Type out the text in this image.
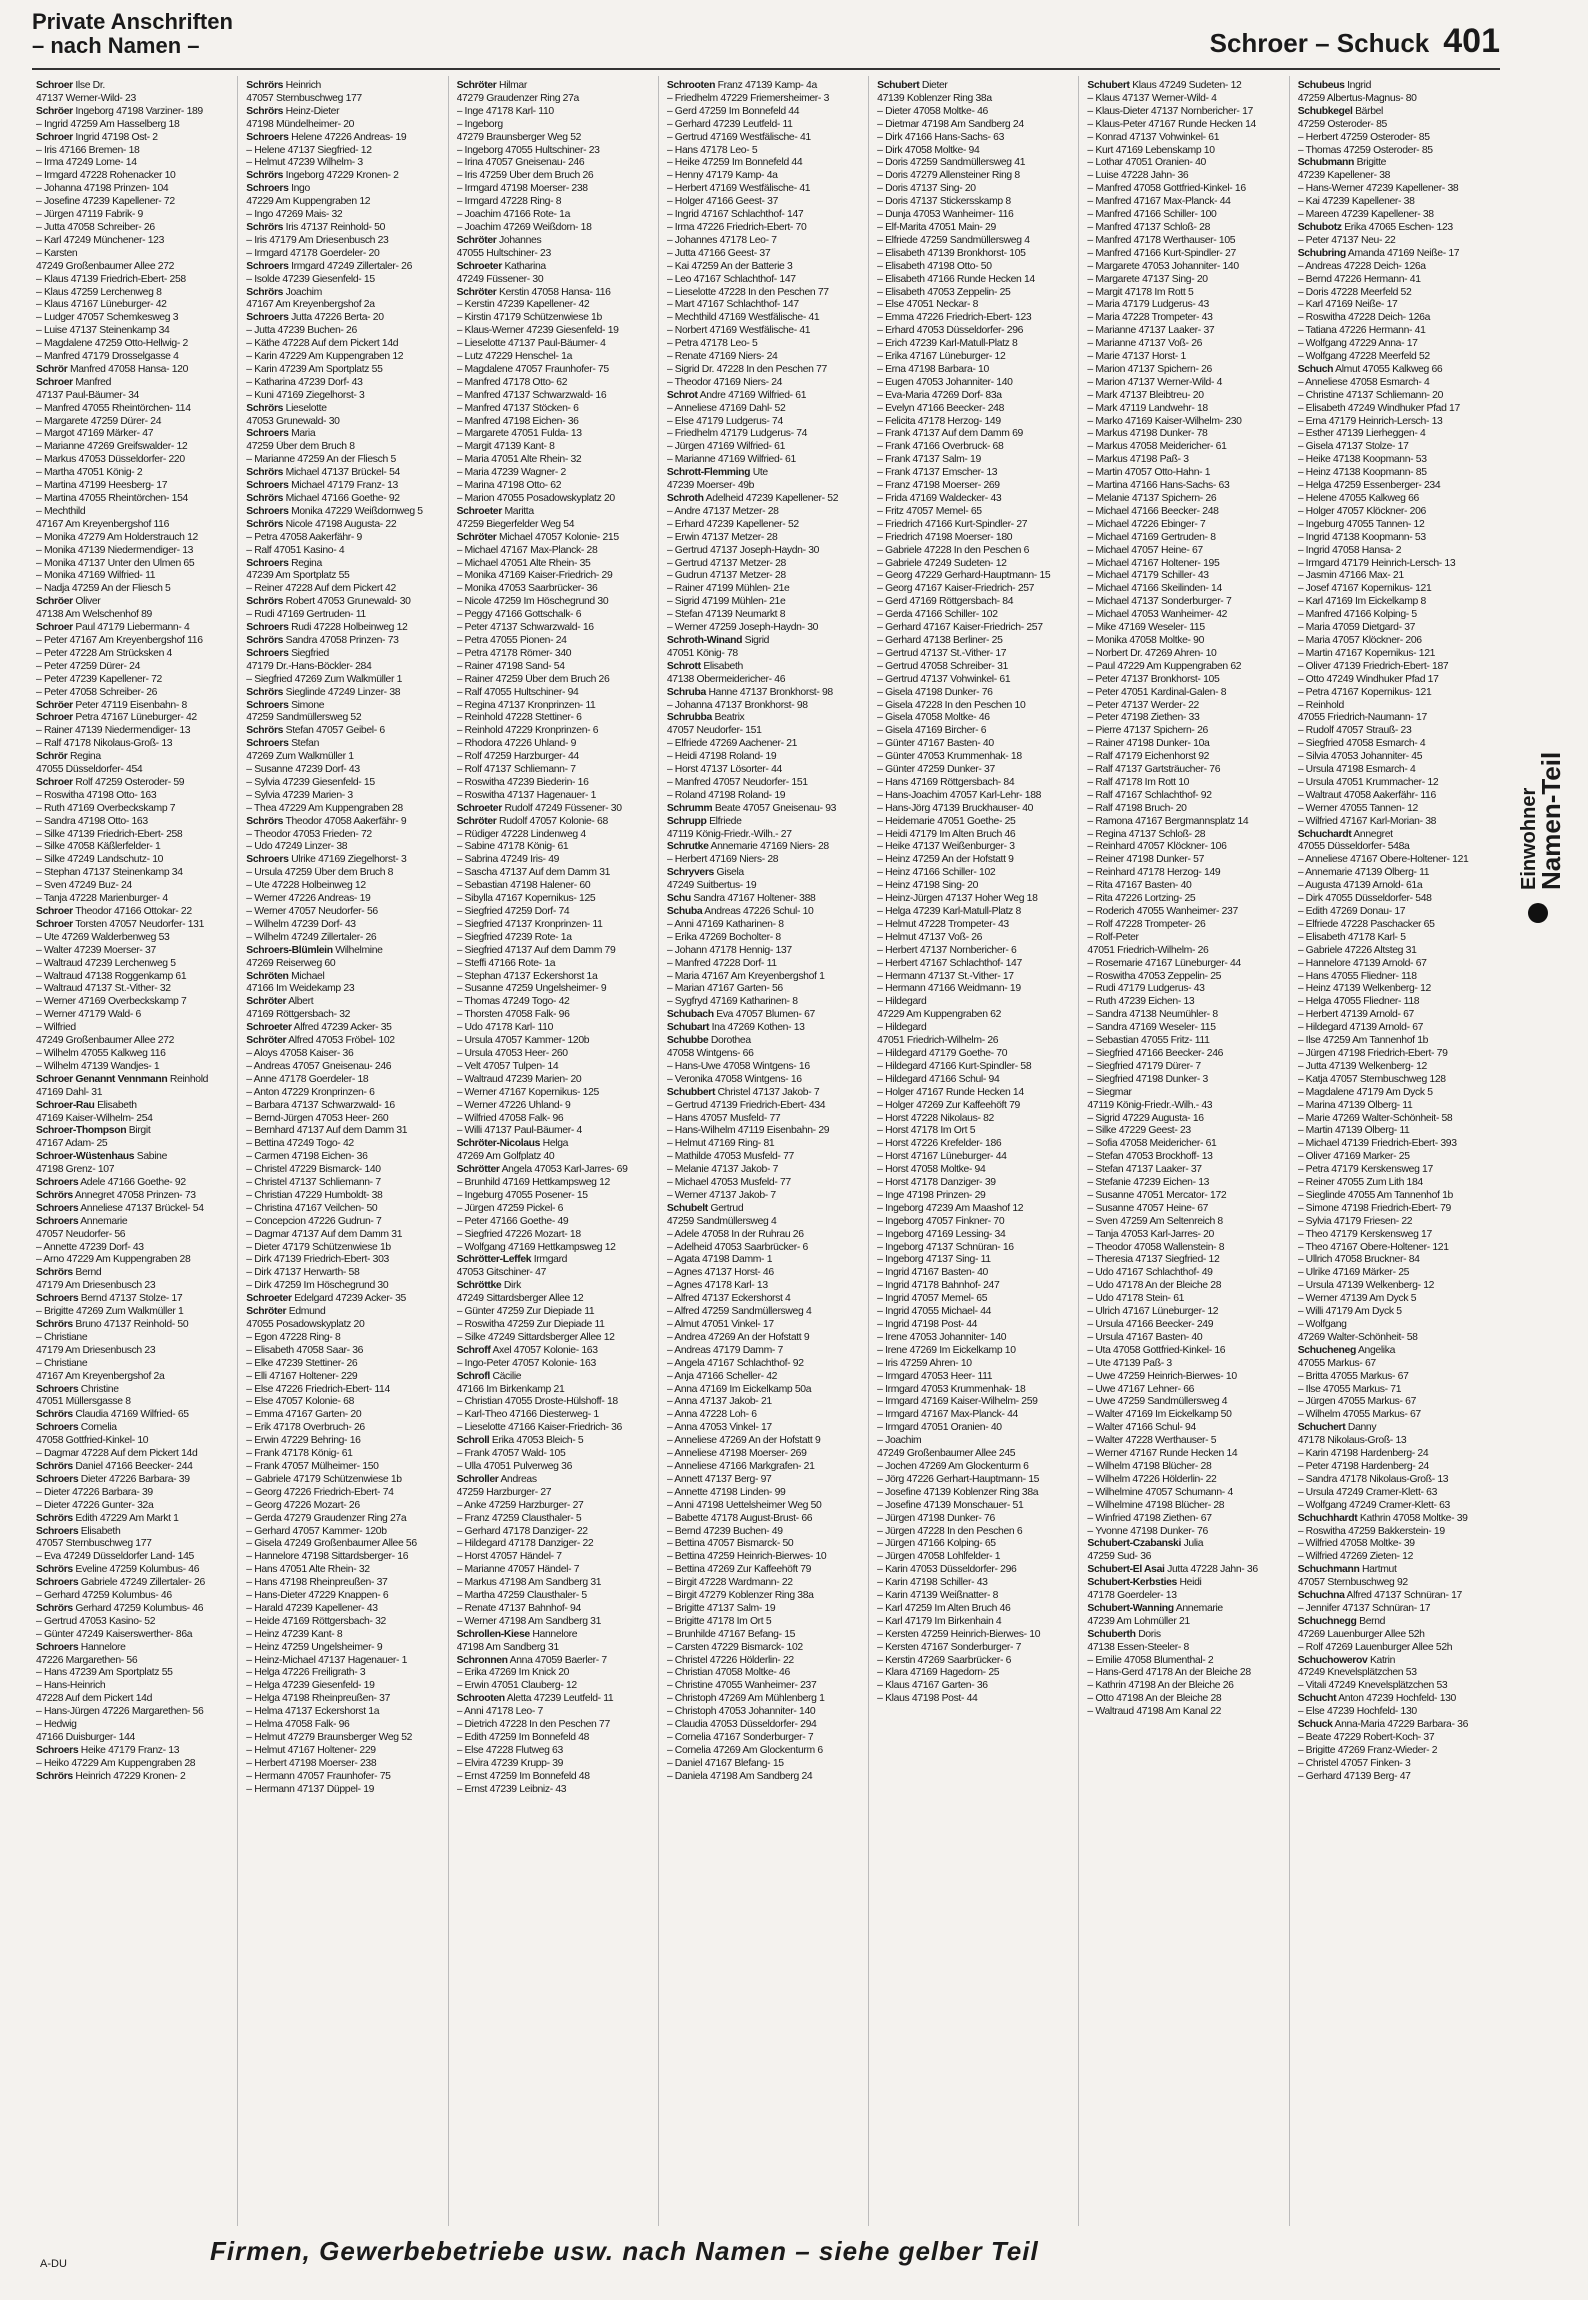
Private Anschriften
– nach Namen –	Schroer – Schuck 401
Schroer Ilse Dr.
47137 Werner-Wild- 23
Schröer Ingeborg 47198 Varziner- 189
– Ingrid 47259 Am Hasselberg 18
Schroer Ingrid 47198 Ost- 2
– Iris 47166 Bremen- 18
– Irma 47249 Lome- 14
– Irmgard 47228 Rohenacker 10
– Johanna 47198 Prinzen- 104
– Josefine 47239 Kapellener- 72
– Jürgen 47119 Fabrik- 9
– Jutta 47058 Schreiber- 26
– Karl 47249 Münchener- 123
– Karsten
47249 Großenbaumer Allee 272
– Klaus 47139 Friedrich-Ebert- 258
– Klaus 47259 Lerchenweg 8
– Klaus 47167 Lüneburger- 42
– Ludger 47057 Schemkesweg 3
– Luise 47137 Steinenkamp 34
– Magdalene 47259 Otto-Hellwig- 2
– Manfred 47179 Drosselgasse 4
Schrör Manfred 47058 Hansa- 120
Schroer Manfred
47137 Paul-Bäumer- 34
– Manfred 47055 Rheintörchen- 114
– Margarete 47259 Dürer- 24
– Margot 47169 Märker- 47
– Marianne 47269 Greifswalder- 12
– Markus 47053 Düsseldorfer- 220
– Martha 47051 König- 2
– Martina 47199 Heesberg- 17
– Martina 47055 Rheintörchen- 154
– Mechthild
47167 Am Kreyenbergshof 116
– Monika 47279 Am Holderstrauch 12
– Monika 47139 Niedermendiger- 13
– Monika 47137 Unter den Ulmen 65
– Monika 47169 Wilfried- 11
– Nadja 47259 An der Fliesch 5
Schröer Oliver
47138 Am Welschenhof 89
Schroer Paul 47179 Liebermann- 4
– Peter 47167 Am Kreyenbergshof 116
– Peter 47228 Am Strücksken 4
– Peter 47259 Dürer- 24
– Peter 47239 Kapellener- 72
– Peter 47058 Schreiber- 26
Schröer Peter 47119 Eisenbahn- 8
Schroer Petra 47167 Lüneburger- 42
– Rainer 47139 Niedermendiger- 13
– Ralf 47178 Nikolaus-Groß- 13
Schrör Regina
47055 Düsseldorfer- 454
Schroer Rolf 47259 Osteroder- 59
– Roswitha 47198 Otto- 163
– Ruth 47169 Overbeckskamp 7
– Sandra 47198 Otto- 163
– Silke 47139 Friedrich-Ebert- 258
– Silke 47058 Käßlerfelder- 1
– Silke 47249 Landschutz- 10
– Stephan 47137 Steinenkamp 34
– Sven 47249 Buz- 24
– Tanja 47228 Marienburger- 4
Schroer Theodor 47166 Ottokar- 22
Schroer Torsten 47057 Neudorfer- 131
– Ute 47269 Walderbenweg 53
– Walter 47239 Moerser- 37
– Waltraud 47239 Lerchenweg 5
– Waltraud 47138 Roggenkamp 61
– Waltraud 47137 St.-Vither- 32
– Werner 47169 Overbeckskamp 7
– Werner 47179 Wald- 6
– Wilfried
47249 Großenbaumer Allee 272
– Wilhelm 47055 Kalkweg 116
– Wilhelm 47139 Wandjes- 1
Schroer Genannt Vennmann Reinhold
47169 Dahl- 31
Schroer-Rau Elisabeth
47169 Kaiser-Wilhelm- 254
Schroer-Thompson Birgit
47167 Adam- 25
Schroer-Wüstenhaus Sabine
47198 Grenz- 107
Schroers Adele 47166 Goethe- 92
Schrörs Annegret 47058 Prinzen- 73
Schroers Anneliese 47137 Brückel- 54
Schroers Annemarie
47057 Neudorfer- 56
– Annette 47239 Dorf- 43
– Arno 47229 Am Kuppengraben 28
Schrörs Bernd
47179 Am Driesenbusch 23
Schroers Bernd 47137 Stolze- 17
– Brigitte 47269 Zum Walkmüller 1
Schrörs Bruno 47137 Reinhold- 50
– Christiane
47179 Am Driesenbusch 23
– Christiane
47167 Am Kreyenbergshof 2a
Schroers Christine
47051 Müllersgasse 8
Schrörs Claudia 47169 Wilfried- 65
Schroers Cornelia
47058 Gottfried-Kinkel- 10
– Dagmar 47228 Auf dem Pickert 14d
Schrörs Daniel 47166 Beecker- 244
Schroers Dieter 47226 Barbara- 39
– Dieter 47226 Barbara- 39
– Dieter 47226 Gunter- 32a
Schrörs Edith 47229 Am Markt 1
Schroers Elisabeth
47057 Sternbuschweg 177
– Eva 47249 Düsseldorfer Land- 145
Schrörs Eveline 47259 Kolumbus- 46
Schroers Gabriele 47249 Zillertaler- 26
– Gerhard 47259 Kolumbus- 46
Schrörs Gerhard 47259 Kolumbus- 46
– Gertrud 47053 Kasino- 52
– Günter 47249 Kaiserswerther- 86a
Schroers Hannelore
47226 Margarethen- 56
– Hans 47239 Am Sportplatz 55
– Hans-Heinrich
47228 Auf dem Pickert 14d
– Hans-Jürgen 47226 Margarethen- 56
– Hedwig
47166 Duisburger- 144
Schroers Heike 47179 Franz- 13
– Heiko 47229 Am Kuppengraben 28
Schrörs Heinrich 47229 Kronen- 2
Schrörs Heinrich
47057 Sternbuschweg 177
Schrörs Heinz-Dieter
47198 Mündelheimer- 20
Schroers Helene 47226 Andreas- 19
– Helene 47137 Siegfried- 12
– Helmut 47239 Wilhelm- 3
Schrörs Ingeborg 47229 Kronen- 2
Schroers Ingo
47229 Am Kuppengraben 12
– Ingo 47269 Mais- 32
Schrörs Iris 47137 Reinhold- 50
– Iris 47179 Am Driesenbusch 23
– Irmgard 47178 Goerdeler- 20
Schroers Irmgard 47249 Zillertaler- 26
– Isolde 47239 Giesenfeld- 15
Schrörs Joachim
47167 Am Kreyenbergshof 2a
Schroers Jutta 47226 Berta- 20
– Jutta 47239 Buchen- 26
– Käthe 47228 Auf dem Pickert 14d
– Karin 47229 Am Kuppengraben 12
– Karin 47239 Am Sportplatz 55
– Katharina 47239 Dorf- 43
– Kuni 47169 Ziegelhorst- 3
Schrörs Lieselotte
47053 Grunewald- 30
Schroers Maria
47259 Über dem Bruch 8
– Marianne 47259 An der Fliesch 5
Schrörs Michael 47137 Brückel- 54
Schroers Michael 47179 Franz- 13
Schrörs Michael 47166 Goethe- 92
Schroers Monika 47229 Weißdornweg 5
Schrörs Nicole 47198 Augusta- 22
– Petra 47058 Aakerfähr- 9
– Ralf 47051 Kasino- 4
Schroers Regina
47239 Am Sportplatz 55
– Reiner 47228 Auf dem Pickert 42
Schrörs Robert 47053 Grunewald- 30
– Rudi 47169 Gertruden- 11
Schroers Rudi 47228 Holbeinweg 12
Schrörs Sandra 47058 Prinzen- 73
Schroers Siegfried
47179 Dr.-Hans-Böckler- 284
– Siegfried 47269 Zum Walkmüller 1
Schrörs Sieglinde 47249 Linzer- 38
Schroers Simone
47259 Sandmüllersweg 52
Schrörs Stefan 47057 Geibel- 6
Schroers Stefan
47269 Zum Walkmüller 1
– Susanne 47239 Dorf- 43
– Sylvia 47239 Giesenfeld- 15
– Sylvia 47239 Marien- 3
– Thea 47229 Am Kuppengraben 28
Schrörs Theodor 47058 Aakerfähr- 9
– Theodor 47053 Frieden- 72
– Udo 47249 Linzer- 38
Schroers Ulrike 47169 Ziegelhorst- 3
– Ursula 47259 Über dem Bruch 8
– Ute 47228 Holbeinweg 12
– Werner 47226 Andreas- 19
– Werner 47057 Neudorfer- 56
– Wilhelm 47239 Dorf- 43
– Wilhelm 47249 Zillertaler- 26
Schroers-Blümlein Wilhelmine
47269 Reiserweg 60
Schröten Michael
47166 Im Weidekamp 23
Schröter Albert
47169 Röttgersbach- 32
Schroeter Alfred 47239 Acker- 35
Schröter Alfred 47053 Fröbel- 102
– Aloys 47058 Kaiser- 36
– Andreas 47057 Gneisenau- 246
– Anne 47178 Goerdeler- 18
– Anton 47229 Kronprinzen- 6
– Barbara 47137 Schwarzwald- 16
– Bernd-Jürgen 47053 Heer- 260
– Bernhard 47137 Auf dem Damm 31
– Bettina 47249 Togo- 42
– Carmen 47198 Eichen- 36
– Christel 47229 Bismarck- 140
– Christel 47137 Schliemann- 7
– Christian 47229 Humboldt- 38
– Christina 47167 Veilchen- 50
– Concepcion 47226 Gudrun- 7
– Dagmar 47137 Auf dem Damm 31
– Dieter 47179 Schützenwiese 1b
– Dirk 47139 Friedrich-Ebert- 303
– Dirk 47137 Herwarth- 58
– Dirk 47259 Im Höschegrund 30
Schroeter Edelgard 47239 Acker- 35
Schröter Edmund
47055 Posadowskyplatz 20
– Egon 47228 Ring- 8
– Elisabeth 47058 Saar- 36
– Elke 47239 Stettiner- 26
– Elli 47167 Holtener- 229
– Else 47226 Friedrich-Ebert- 114
– Else 47057 Kolonie- 68
– Emma 47167 Garten- 20
– Erik 47178 Overbruch- 26
– Erwin 47229 Behring- 16
– Frank 47178 König- 61
– Frank 47057 Mülheimer- 150
– Gabriele 47179 Schützenwiese 1b
– Georg 47226 Friedrich-Ebert- 74
– Georg 47226 Mozart- 26
– Gerda 47279 Graudenzer Ring 27a
– Gerhard 47057 Kammer- 120b
– Gisela 47249 Großenbaumer Allee 56
– Hannelore 47198 Sittardsberger- 16
– Hans 47051 Alte Rhein- 32
– Hans 47198 Rheinpreußen- 37
– Hans-Dieter 47229 Knappen- 6
– Harald 47239 Kapellener- 43
– Heide 47169 Röttgersbach- 32
– Heinz 47239 Kant- 8
– Heinz 47259 Ungelsheimer- 9
– Heinz-Michael 47137 Hagenauer- 1
– Helga 47226 Freiligrath- 3
– Helga 47239 Giesenfeld- 19
– Helga 47198 Rheinpreußen- 37
– Helma 47137 Eckershorst 1a
– Helma 47058 Falk- 96
– Helmut 47279 Braunsberger Weg 52
– Helmut 47167 Holtener- 229
– Herbert 47198 Moerser- 238
– Hermann 47057 Fraunhofer- 75
– Hermann 47137 Düppel- 19
Schröter Hilmar
47279 Graudenzer Ring 27a
– Inge 47178 Karl- 110
– Ingeborg
47279 Braunsberger Weg 52
– Ingeborg 47055 Hultschiner- 23
– Irina 47057 Gneisenau- 246
– Iris 47259 Über dem Bruch 26
– Irmgard 47198 Moerser- 238
– Irmgard 47228 Ring- 8
– Joachim 47166 Rote- 1a
– Joachim 47269 Weißdorn- 18
Schröter Johannes
47055 Hultschiner- 23
Schroeter Katharina
47249 Füssener- 30
Schröter Kerstin 47058 Hansa- 116
– Kerstin 47239 Kapellener- 42
– Kirstin 47179 Schützenwiese 1b
– Klaus-Werner 47239 Giesenfeld- 19
– Lieselotte 47137 Paul-Bäumer- 4
– Lutz 47229 Henschel- 1a
– Magdalene 47057 Fraunhofer- 75
– Manfred 47178 Otto- 62
– Manfred 47137 Schwarzwald- 16
– Manfred 47137 Stöcken- 6
– Manfred 47198 Eichen- 36
– Margarete 47051 Fulda- 13
– Margit 47139 Kant- 8
– Maria 47051 Alte Rhein- 32
– Maria 47239 Wagner- 2
– Marina 47198 Otto- 62
– Marion 47055 Posadowskyplatz 20
Schroeter Maritta
47259 Biegerfelder Weg 54
Schröter Michael 47057 Kolonie- 215
– Michael 47167 Max-Planck- 28
– Michael 47051 Alte Rhein- 35
– Monika 47169 Kaiser-Friedrich- 29
– Monika 47053 Saarbrücker- 36
– Nicole 47259 Im Höschegrund 30
– Peggy 47166 Gottschalk- 6
– Peter 47137 Schwarzwald- 16
– Petra 47055 Pionen- 24
– Petra 47178 Römer- 340
– Rainer 47198 Sand- 54
– Rainer 47259 Über dem Bruch 26
– Ralf 47055 Hultschiner- 94
– Regina 47137 Kronprinzen- 11
– Reinhold 47228 Stettiner- 6
– Reinhold 47229 Kronprinzen- 6
– Rhodora 47226 Uhland- 9
– Rolf 47259 Harzburger- 44
– Rolf 47137 Schliemann- 7
– Roswitha 47239 Biederin- 16
– Roswitha 47137 Hagenauer- 1
Schroeter Rudolf 47249 Füssener- 30
Schröter Rudolf 47057 Kolonie- 68
– Rüdiger 47228 Lindenweg 4
– Sabine 47178 König- 61
– Sabrina 47249 Iris- 49
– Sascha 47137 Auf dem Damm 31
– Sebastian 47198 Halener- 60
– Sibylla 47167 Kopernikus- 125
– Siegfried 47259 Dorf- 74
– Siegfried 47137 Kronprinzen- 11
– Siegfried 47239 Rote- 1a
– Siegfried 47137 Auf dem Damm 79
– Steffi 47166 Rote- 1a
– Stephan 47137 Eckershorst 1a
– Susanne 47259 Ungelsheimer- 9
– Thomas 47249 Togo- 42
– Thorsten 47058 Falk- 96
– Udo 47178 Karl- 110
– Ursula 47057 Kammer- 120b
– Ursula 47053 Heer- 260
– Velt 47057 Tulpen- 14
– Waltraud 47239 Marien- 20
– Werner 47167 Kopernikus- 125
– Werner 47226 Uhland- 9
– Wilfried 47058 Falk- 96
– Willi 47137 Paul-Bäumer- 4
Schröter-Nicolaus Helga
47269 Am Golfplatz 40
Schrötter Angela 47053 Karl-Jarres- 69
– Brunhild 47169 Hettkampsweg 12
– Ingeburg 47055 Posener- 15
– Jürgen 47259 Pickel- 6
– Peter 47166 Goethe- 49
– Siegfried 47226 Mozart- 18
– Wolfgang 47169 Hettkampsweg 12
Schrötter-Leffek Irmgard
47053 Gitschiner- 47
Schröttke Dirk
47249 Sittardsberger Allee 12
– Günter 47259 Zur Diepiade 11
– Roswitha 47259 Zur Diepiade 11
– Silke 47249 Sittardsberger Allee 12
Schroff Axel 47057 Kolonie- 163
– Ingo-Peter 47057 Kolonie- 163
Schrofl Cäcilie
47166 Im Birkenkamp 21
– Christian 47055 Droste-Hülshoff- 18
– Karl-Theo 47166 Diesterweg- 1
– Lieselotte 47166 Kaiser-Friedrich- 36
Schroll Erika 47053 Bleich- 5
– Frank 47057 Wald- 105
– Ulla 47051 Pulverweg 36
Schroller Andreas
47259 Harzburger- 27
– Anke 47259 Harzburger- 27
– Franz 47259 Clausthaler- 5
– Gerhard 47178 Danziger- 22
– Hildegard 47178 Danziger- 22
– Horst 47057 Händel- 7
– Marianne 47057 Händel- 7
– Markus 47198 Am Sandberg 31
– Martha 47259 Clausthaler- 5
– Renate 47137 Bahnhof- 94
– Werner 47198 Am Sandberg 31
Schrollen-Kiese Hannelore
47198 Am Sandberg 31
Schronnen Anna 47059 Baerler- 7
– Erika 47269 Im Knick 20
– Erwin 47051 Clauberg- 12
Schrooten Aletta 47239 Leutfeld- 11
– Anni 47178 Leo- 7
– Dietrich 47228 In den Peschen 77
– Edith 47259 Im Bonnefeld 48
– Else 47228 Flutweg 63
– Elvira 47239 Krupp- 39
– Ernst 47259 Im Bonnefeld 48
– Ernst 47239 Leibniz- 43
Schrooten Franz 47139 Kamp- 4a
– Friedhelm 47229 Friemersheimer- 3
– Gerd 47259 Im Bonnefeld 44
– Gerhard 47239 Leutfeld- 11
– Gertrud 47169 Westfälische- 41
– Hans 47178 Leo- 5
– Heike 47259 Im Bonnefeld 44
– Henny 47179 Kamp- 4a
– Herbert 47169 Westfälische- 41
– Holger 47166 Geest- 37
– Ingrid 47167 Schlachthof- 147
– Irma 47226 Friedrich-Ebert- 70
– Johannes 47178 Leo- 7
– Jutta 47166 Geest- 37
– Kai 47259 An der Batterie 3
– Leo 47167 Schlachthof- 147
– Lieselotte 47228 In den Peschen 77
– Mart 47167 Schlachthof- 147
– Mechthild 47169 Westfälische- 41
– Norbert 47169 Westfälische- 41
– Petra 47178 Leo- 5
– Renate 47169 Niers- 24
– Sigrid Dr. 47228 In den Peschen 77
– Theodor 47169 Niers- 24
Schrot Andre 47169 Wilfried- 61
– Anneliese 47169 Dahl- 52
– Else 47179 Ludgerus- 74
– Friedhelm 47179 Ludgerus- 74
– Jürgen 47169 Wilfried- 61
– Marianne 47169 Wilfried- 61
Schrott-Flemming Ute
47239 Moerser- 49b
Schroth Adelheid 47239 Kapellener- 52
– Andre 47137 Metzer- 28
– Erhard 47239 Kapellener- 52
– Erwin 47137 Metzer- 28
– Gertrud 47137 Joseph-Haydn- 30
– Gertrud 47137 Metzer- 28
– Gudrun 47137 Metzer- 28
– Rainer 47199 Mühlen- 21e
– Sigrid 47199 Mühlen- 21e
– Stefan 47139 Neumarkt 8
– Werner 47259 Joseph-Haydn- 30
Schroth-Winand Sigrid
47051 König- 78
Schrott Elisabeth
47138 Obermeidericher- 46
Schruba Hanne 47137 Bronkhorst- 98
– Johanna 47137 Bronkhorst- 98
Schrubba Beatrix
47057 Neudorfer- 151
– Elfriede 47269 Aachener- 21
– Heidi 47198 Roland- 19
– Horst 47137 Lösorter- 44
– Manfred 47057 Neudorfer- 151
– Roland 47198 Roland- 19
Schrumm Beate 47057 Gneisenau- 93
Schrupp Elfriede
47119 König-Friedr.-Wilh.- 27
Schrutke Annemarie 47169 Niers- 28
– Herbert 47169 Niers- 28
Schryvers Gisela
47249 Suitbertus- 19
Schu Sandra 47167 Holtener- 388
Schuba Andreas 47226 Schul- 10
– Anni 47169 Katharinen- 8
– Erika 47269 Bocholter- 8
– Johann 47178 Hennig- 137
– Manfred 47228 Dorf- 11
– Maria 47167 Am Kreyenbergshof 1
– Marian 47167 Garten- 56
– Sygfryd 47169 Katharinen- 8
Schubach Eva 47057 Blumen- 67
Schubart Ina 47269 Kothen- 13
Schubbe Dorothea
47058 Wintgens- 66
– Hans-Uwe 47058 Wintgens- 16
– Veronika 47058 Wintgens- 16
Schubbert Christel 47137 Jakob- 7
– Gertrud 47139 Friedrich-Ebert- 434
– Hans 47057 Musfeld- 77
– Hans-Wilhelm 47119 Eisenbahn- 29
– Helmut 47169 Ring- 81
– Mathilde 47053 Musfeld- 77
– Melanie 47137 Jakob- 7
– Michael 47053 Musfeld- 77
– Werner 47137 Jakob- 7
Schubelt Gertrud
47259 Sandmüllersweg 4
– Adele 47058 In der Ruhrau 26
– Adelheid 47053 Saarbrücker- 6
– Agata 47198 Damm- 1
– Agnes 47137 Horst- 46
– Agnes 47178 Karl- 13
– Alfred 47137 Eckershorst 4
– Alfred 47259 Sandmüllersweg 4
– Almut 47051 Vinkel- 17
– Andrea 47269 An der Hofstatt 9
– Andreas 47179 Damm- 7
– Angela 47167 Schlachthof- 92
– Anja 47166 Scheller- 42
– Anna 47169 Im Eickelkamp 50a
– Anna 47137 Jakob- 21
– Anna 47228 Loh- 6
– Anna 47053 Vinkel- 17
– Anneliese 47269 An der Hofstatt 9
– Anneliese 47198 Moerser- 269
– Anneliese 47166 Markgrafen- 21
– Annett 47137 Berg- 97
– Annette 47198 Linden- 99
– Anni 47198 Uettelsheimer Weg 50
– Babette 47178 August-Brust- 66
– Bernd 47239 Buchen- 49
– Bettina 47057 Bismarck- 50
– Bettina 47259 Heinrich-Bierwes- 10
– Bettina 47269 Zur Kaffeehöft 79
– Birgit 47228 Wardmann- 22
– Birgit 47279 Koblenzer Ring 38a
– Brigitte 47137 Salm- 19
– Brigitte 47178 Im Ort 5
– Brunhilde 47167 Befang- 15
– Carsten 47229 Bismarck- 102
– Christel 47226 Hölderlin- 22
– Christian 47058 Moltke- 46
– Christine 47055 Wanheimer- 237
– Christoph 47269 Am Mühlenberg 1
– Christoph 47053 Johanniter- 140
– Claudia 47053 Düsseldorfer- 294
– Cornelia 47167 Sonderburger- 7
– Cornelia 47269 Am Glockenturm 6
– Daniel 47167 Blefang- 15
– Daniela 47198 Am Sandberg 24
Schubert Dieter
47139 Koblenzer Ring 38a
– Dieter 47058 Moltke- 46
– Dietmar 47198 Am Sandberg 24
– Dirk 47166 Hans-Sachs- 63
– Dirk 47058 Moltke- 94
– Doris 47259 Sandmüllersweg 41
– Doris 47279 Allensteiner Ring 8
– Doris 47137 Sing- 20
– Doris 47137 Stickersskamp 8
– Dunja 47053 Wanheimer- 116
– Elf-Marita 47051 Main- 29
– Elfriede 47259 Sandmüllersweg 4
– Elisabeth 47139 Bronkhorst- 105
– Elisabeth 47198 Otto- 50
– Elisabeth 47166 Runde Hecken 14
– Elisabeth 47053 Zeppelin- 25
– Else 47051 Neckar- 8
– Emma 47226 Friedrich-Ebert- 123
– Erhard 47053 Düsseldorfer- 296
– Erich 47239 Karl-Matull-Platz 8
– Erika 47167 Lüneburger- 12
– Erna 47198 Barbara- 10
– Eugen 47053 Johanniter- 140
– Eva-Maria 47269 Dorf- 83a
– Evelyn 47166 Beecker- 248
– Felicita 47178 Herzog- 149
– Frank 47137 Auf dem Damm 69
– Frank 47166 Overbruck- 68
– Frank 47137 Salm- 19
– Frank 47137 Emscher- 13
– Franz 47198 Moerser- 269
– Frida 47169 Waldecker- 43
– Fritz 47057 Memel- 65
– Friedrich 47166 Kurt-Spindler- 27
– Friedrich 47198 Moerser- 180
– Gabriele 47228 In den Peschen 6
– Gabriele 47249 Sudeten- 12
– Georg 47229 Gerhard-Hauptmann- 15
– Georg 47167 Kaiser-Friedrich- 257
– Gerd 47169 Röttgersbach- 84
– Gerda 47166 Schiller- 102
– Gerhard 47167 Kaiser-Friedrich- 257
– Gerhard 47138 Berliner- 25
– Gertrud 47137 St.-Vither- 17
– Gertrud 47058 Schreiber- 31
– Gertrud 47137 Vohwinkel- 61
– Gisela 47198 Dunker- 76
– Gisela 47228 In den Peschen 10
– Gisela 47058 Moltke- 46
– Gisela 47169 Bircher- 6
– Günter 47167 Basten- 40
– Günter 47053 Krummenhak- 18
– Günter 47259 Dunker- 37
– Hans 47169 Röttgersbach- 84
– Hans-Joachim 47057 Karl-Lehr- 188
– Hans-Jörg 47139 Bruckhauser- 40
– Heidemarie 47051 Goethe- 25
– Heidi 47179 Im Alten Bruch 46
– Heike 47137 Weißenburger- 3
– Heinz 47259 An der Hofstatt 9
– Heinz 47166 Schiller- 102
– Heinz 47198 Sing- 20
– Heinz-Jürgen 47137 Hoher Weg 18
– Helga 47239 Karl-Matull-Platz 8
– Helmut 47228 Trompeter- 43
– Helmut 47137 Voß- 26
– Herbert 47137 Nornbericher- 6
– Herbert 47167 Schlachthof- 147
– Hermann 47137 St.-Vither- 17
– Hermann 47166 Weidmann- 19
– Hildegard
47229 Am Kuppengraben 62
– Hildegard
47051 Friedrich-Wilhelm- 26
– Hildegard 47179 Goethe- 70
– Hildegard 47166 Kurt-Spindler- 58
– Hildegard 47166 Schul- 94
– Holger 47167 Runde Hecken 14
– Holger 47269 Zur Kaffeehöft 79
– Horst 47228 Nikolaus- 82
– Horst 47178 Im Ort 5
– Horst 47226 Krefelder- 186
– Horst 47167 Lüneburger- 44
– Horst 47058 Moltke- 94
– Horst 47178 Danziger- 39
– Inge 47198 Prinzen- 29
– Ingeborg 47239 Am Maashof 12
– Ingeborg 47057 Finkner- 70
– Ingeborg 47169 Lessing- 34
– Ingeborg 47137 Schnüran- 16
– Ingeborg 47137 Sing- 11
– Ingrid 47167 Basten- 40
– Ingrid 47178 Bahnhof- 247
– Ingrid 47057 Memel- 65
– Ingrid 47055 Michael- 44
– Ingrid 47198 Post- 44
– Irene 47053 Johanniter- 140
– Irene 47269 Im Eickelkamp 10
– Iris 47259 Ahren- 10
– Irmgard 47053 Heer- 111
– Irmgard 47053 Krummenhak- 18
– Irmgard 47169 Kaiser-Wilhelm- 259
– Irmgard 47167 Max-Planck- 44
– Irmgard 47051 Oranien- 40
– Joachim
47249 Großenbaumer Allee 245
– Jochen 47269 Am Glockenturm 6
– Jörg 47226 Gerhart-Hauptmann- 15
– Josefine 47139 Koblenzer Ring 38a
– Josefine 47139 Monschauer- 51
– Jürgen 47198 Dunker- 76
– Jürgen 47228 In den Peschen 6
– Jürgen 47166 Kolping- 65
– Jürgen 47058 Lohlfelder- 1
– Karin 47053 Düsseldorfer- 296
– Karin 47198 Schiller- 43
– Karin 47139 Weißnatter- 8
– Karl 47259 Im Alten Bruch 46
– Karl 47179 Im Birkenhain 4
– Kersten 47259 Heinrich-Bierwes- 10
– Kersten 47167 Sonderburger- 7
– Kerstin 47269 Saarbrücker- 6
– Klara 47169 Hagedorn- 25
– Klaus 47167 Garten- 36
– Klaus 47198 Post- 44
Schubert Klaus 47249 Sudeten- 12
– Klaus 47137 Werner-Wild- 4
– Klaus-Dieter 47137 Nornbericher- 17
– Klaus-Peter 47167 Runde Hecken 14
– Konrad 47137 Vohwinkel- 61
– Kurt 47169 Lebenskamp 10
– Lothar 47051 Oranien- 40
– Luise 47228 Jahn- 36
– Manfred 47058 Gottfried-Kinkel- 16
– Manfred 47167 Max-Planck- 44
– Manfred 47166 Schiller- 100
– Manfred 47137 Schloß- 28
– Manfred 47178 Werthauser- 105
– Manfred 47166 Kurt-Spindler- 27
– Margarete 47053 Johanniter- 140
– Margarete 47137 Sing- 20
– Margit 47178 Im Rott 5
– Maria 47179 Ludgerus- 43
– Maria 47228 Trompeter- 43
– Marianne 47137 Laaker- 37
– Marianne 47137 Voß- 26
– Marie 47137 Horst- 1
– Marion 47137 Spichern- 26
– Marion 47137 Werner-Wild- 4
– Mark 47137 Bleibtreu- 20
– Mark 47119 Landwehr- 18
– Marko 47169 Kaiser-Wilhelm- 230
– Markus 47198 Dunker- 78
– Markus 47058 Meidericher- 61
– Markus 47198 Paß- 3
– Martin 47057 Otto-Hahn- 1
– Martina 47166 Hans-Sachs- 63
– Melanie 47137 Spichern- 26
– Michael 47166 Beecker- 248
– Michael 47226 Ebinger- 7
– Michael 47169 Gertruden- 8
– Michael 47057 Heine- 67
– Michael 47167 Holtener- 195
– Michael 47179 Schiller- 43
– Michael 47166 Skeilinden- 14
– Michael 47137 Sonderburger- 7
– Michael 47053 Wanheimer- 42
– Mike 47169 Weseler- 115
– Monika 47058 Moltke- 90
– Norbert Dr. 47269 Ahren- 10
– Paul 47229 Am Kuppengraben 62
– Peter 47137 Bronkhorst- 105
– Peter 47051 Kardinal-Galen- 8
– Peter 47137 Werder- 22
– Peter 47198 Ziethen- 33
– Pierre 47137 Spichern- 26
– Rainer 47198 Dunker- 10a
– Ralf 47179 Eichenhorst 92
– Ralf 47137 Gartsträucher- 76
– Ralf 47178 Im Rott 10
– Ralf 47167 Schlachthof- 92
– Ralf 47198 Bruch- 20
– Ramona 47167 Bergmannsplatz 14
– Regina 47137 Schloß- 28
– Reinhard 47057 Klöckner- 106
– Reiner 47198 Dunker- 57
– Reinhard 47178 Herzog- 149
– Rita 47167 Basten- 40
– Rita 47226 Lortzing- 25
– Roderich 47055 Wanheimer- 237
– Rolf 47228 Trompeter- 26
– Rolf-Peter
47051 Friedrich-Wilhelm- 26
– Rosemarie 47167 Lüneburger- 44
– Roswitha 47053 Zeppelin- 25
– Rudi 47179 Ludgerus- 43
– Ruth 47239 Eichen- 13
– Sandra 47138 Neumühler- 8
– Sandra 47169 Weseler- 115
– Sebastian 47055 Fritz- 111
– Siegfried 47166 Beecker- 246
– Siegfried 47179 Dürer- 7
– Siegfried 47198 Dunker- 3
– Siegmar
47119 König-Friedr.-Wilh.- 43
– Sigrid 47229 Augusta- 16
– Silke 47229 Geest- 23
– Sofia 47058 Meidericher- 61
– Stefan 47053 Brockhoff- 13
– Stefan 47137 Laaker- 37
– Stefanie 47239 Eichen- 13
– Susanne 47051 Mercator- 172
– Susanne 47057 Heine- 67
– Sven 47259 Am Seltenreich 8
– Tanja 47053 Karl-Jarres- 20
– Theodor 47058 Wallenstein- 8
– Theresia 47137 Siegfried- 12
– Udo 47167 Schlachthof- 49
– Udo 47178 An der Bleiche 28
– Udo 47178 Stein- 61
– Ulrich 47167 Lüneburger- 12
– Ursula 47166 Beecker- 249
– Ursula 47167 Basten- 40
– Uta 47058 Gottfried-Kinkel- 16
– Ute 47139 Paß- 3
– Uwe 47259 Heinrich-Bierwes- 10
– Uwe 47167 Lehner- 66
– Uwe 47259 Sandmüllersweg 4
– Walter 47169 Im Eickelkamp 50
– Walter 47166 Schul- 94
– Walter 47228 Werthauser- 5
– Werner 47167 Runde Hecken 14
– Wilhelm 47198 Blücher- 28
– Wilhelm 47226 Hölderlin- 22
– Wilhelmine 47057 Schumann- 4
– Wilhelmine 47198 Blücher- 28
– Winfried 47198 Ziethen- 67
– Yvonne 47198 Dunker- 76
Schubert-Czabanski Julia
47259 Sud- 36
Schubert-El Asai Jutta 47228 Jahn- 36
Schubert-Kerbsties Heidi
47178 Goerdeler- 13
Schubert-Wanning Annemarie
47239 Am Lohmüller 21
Schuberth Doris
47138 Essen-Steeler- 8
– Emilie 47058 Blumenthal- 2
– Hans-Gerd 47178 An der Bleiche 28
– Kathrin 47198 An der Bleiche 26
– Otto 47198 An der Bleiche 28
– Waltraud 47198 Am Kanal 22
Schubeus Ingrid
47259 Albertus-Magnus- 80
Schubkegel Bärbel
47259 Osteroder- 85
– Herbert 47259 Osteroder- 85
– Thomas 47259 Osteroder- 85
Schubmann Brigitte
47239 Kapellener- 38
– Hans-Werner 47239 Kapellener- 38
– Kai 47239 Kapellener- 38
– Mareen 47239 Kapellener- 38
Schubotz Erika 47065 Eschen- 123
– Peter 47137 Neu- 22
Schubring Amanda 47169 Neiße- 17
– Andreas 47228 Deich- 126a
– Bernd 47226 Hermann- 41
– Doris 47228 Meerfeld 52
– Karl 47169 Neiße- 17
– Roswitha 47228 Deich- 126a
– Tatiana 47226 Hermann- 41
– Wolfgang 47229 Anna- 17
– Wolfgang 47228 Meerfeld 52
Schuch Almut 47055 Kalkweg 66
– Anneliese 47058 Esmarch- 4
– Christine 47137 Schliemann- 20
– Elisabeth 47249 Windhuker Pfad 17
– Erna 47179 Heinrich-Lersch- 13
– Esther 47139 Lierheggen- 4
– Gisela 47137 Stolze- 17
– Heike 47138 Koopmann- 53
– Heinz 47138 Koopmann- 85
– Helga 47259 Essenberger- 234
– Helene 47055 Kalkweg 66
– Holger 47057 Klöckner- 206
– Ingeburg 47055 Tannen- 12
– Ingrid 47138 Koopmann- 53
– Ingrid 47058 Hansa- 2
– Irmgard 47179 Heinrich-Lersch- 13
– Jasmin 47166 Max- 21
– Josef 47167 Kopernikus- 121
– Karl 47169 Im Eickelkamp 8
– Manfred 47166 Kolping- 5
– Maria 47059 Dietgard- 37
– Maria 47057 Klöckner- 206
– Martin 47167 Kopernikus- 121
– Oliver 47139 Friedrich-Ebert- 187
– Otto 47249 Windhuker Pfad 17
– Petra 47167 Kopernikus- 121
– Reinhold
47055 Friedrich-Naumann- 17
– Rudolf 47057 Strauß- 23
– Siegfried 47058 Esmarch- 4
– Silvia 47053 Johanniter- 45
– Ursula 47198 Esmarch- 4
– Ursula 47051 Krummacher- 12
– Waltraut 47058 Aakerfähr- 116
– Werner 47055 Tannen- 12
– Wilfried 47167 Karl-Morian- 38
Schuchardt Annegret
47055 Düsseldorfer- 548a
– Anneliese 47167 Obere-Holtener- 121
– Annemarie 47139 Ölberg- 11
– Augusta 47139 Arnold- 61a
– Dirk 47055 Düsseldorfer- 548
– Edith 47269 Donau- 17
– Elfriede 47228 Paschacker 65
– Elisabeth 47178 Karl- 5
– Gabriele 47226 Altsteg 31
– Hannelore 47139 Arnold- 67
– Hans 47055 Fliedner- 118
– Heinz 47139 Welkenberg- 12
– Helga 47055 Fliedner- 118
– Herbert 47139 Arnold- 67
– Hildegard 47139 Arnold- 67
– Ilse 47259 Am Tannenhof 1b
– Jürgen 47198 Friedrich-Ebert- 79
– Jutta 47139 Welkenberg- 12
– Katja 47057 Sternbuschweg 128
– Magdalene 47179 Am Dyck 5
– Marina 47139 Ölberg- 11
– Marie 47269 Walter-Schönheit- 58
– Martin 47139 Ölberg- 11
– Michael 47139 Friedrich-Ebert- 393
– Oliver 47169 Marker- 25
– Petra 47179 Kerskensweg 17
– Reiner 47055 Zum Lith 184
– Sieglinde 47055 Am Tannenhof 1b
– Simone 47198 Friedrich-Ebert- 79
– Sylvia 47179 Friesen- 22
– Theo 47179 Kerskensweg 17
– Theo 47167 Obere-Holtener- 121
– Ullrich 47058 Bruckner- 84
– Ulrike 47169 Märker- 25
– Ursula 47139 Welkenberg- 12
– Werner 47139 Am Dyck 5
– Willi 47179 Am Dyck 5
– Wolfgang
47269 Walter-Schönheit- 58
Schucheneg Angelika
47055 Markus- 67
– Britta 47055 Markus- 67
– Ilse 47055 Markus- 71
– Jürgen 47055 Markus- 67
– Wilhelm 47055 Markus- 67
Schuchert Danny
47178 Nikolaus-Groß- 13
– Karin 47198 Hardenberg- 24
– Peter 47198 Hardenberg- 24
– Sandra 47178 Nikolaus-Groß- 13
– Ursula 47249 Cramer-Klett- 63
– Wolfgang 47249 Cramer-Klett- 63
Schuchhardt Kathrin 47058 Moltke- 39
– Roswitha 47259 Bakkerstein- 19
– Wilfried 47058 Moltke- 39
– Wilfried 47269 Zieten- 12
Schuchmann Hartmut
47057 Sternbuschweg 92
Schuchna Alfred 47137 Schnüran- 17
– Jennifer 47137 Schnüran- 17
Schuchnegg Bernd
47269 Lauenburger Allee 52h
– Rolf 47269 Lauenburger Allee 52h
Schuchowerov Katrin
47249 Knevelsplätzchen 53
– Vitali 47249 Knevelsplätzchen 53
Schucht Anton 47239 Hochfeld- 130
– Else 47239 Hochfeld- 130
Schuck Anna-Maria 47229 Barbara- 36
– Beate 47229 Robert-Koch- 37
– Brigitte 47269 Franz-Wieder- 2
– Christel 47057 Finken- 3
– Gerhard 47139 Berg- 47
Einwohner
Namen-Teil
A-DU	Firmen, Gewerbebetriebe usw. nach Namen – siehe gelber Teil
